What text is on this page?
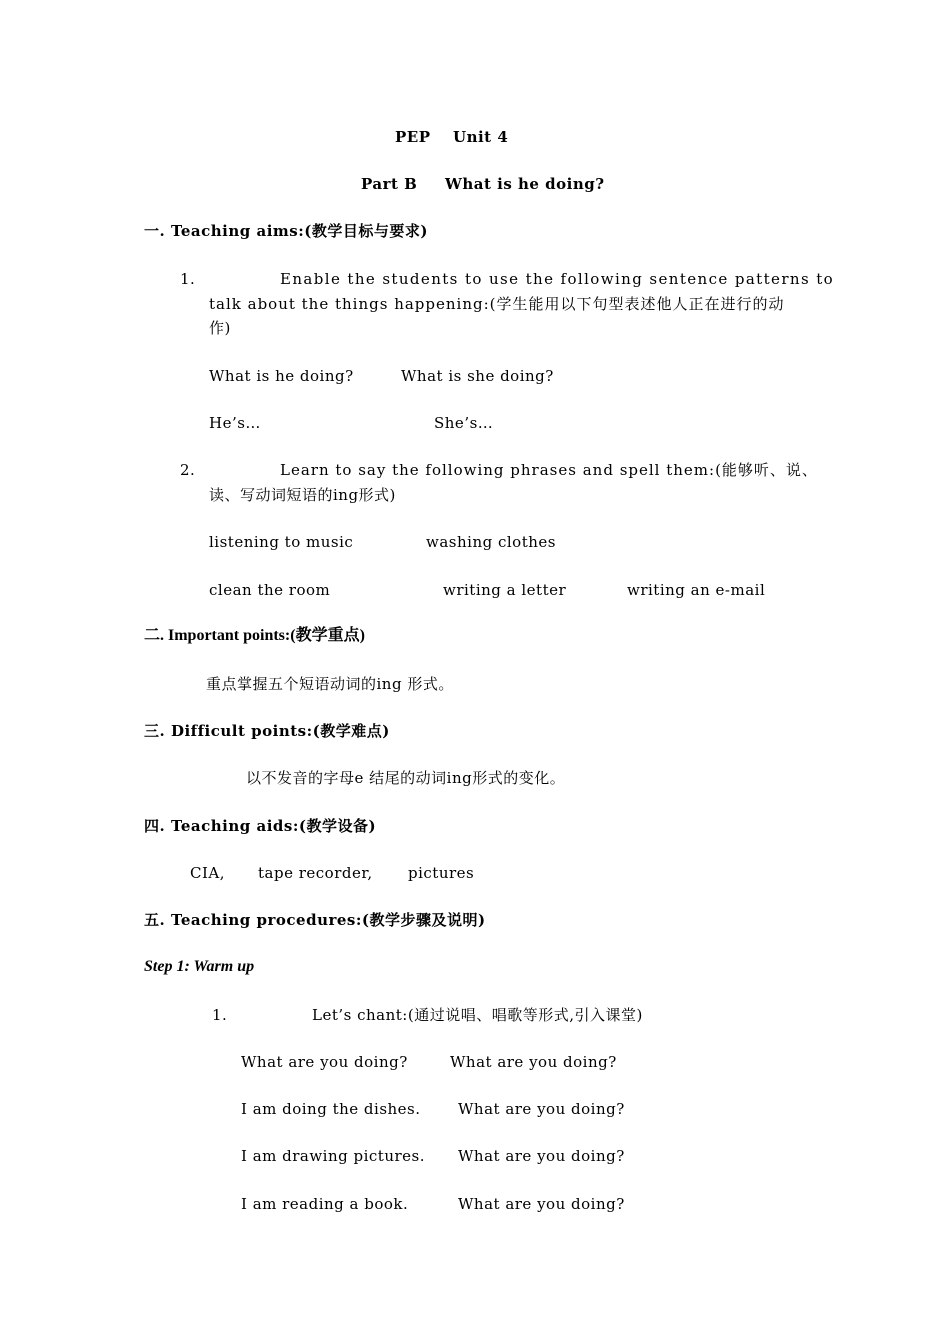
PEP Unit 4
Part B What is he doing?
一. Teaching aims:(教学目标与要求)
1.	Enable the students to use the following sentence patterns to
talk about the things happening:(学生能用以下句型表述他人正在进行的动
作)
What is he doing?	What is she doing?
He’s…	She’s…
2.	Learn to say the following phrases and spell them:(能够听、说、
读、写动词短语的ing形式)
listening to music	washing clothes
clean the room	writing a letter	writing an e-mail
二. Important points:(教学重点)
重点掌握五个短语动词的ing 形式。
三. Difficult points:(教学难点)
以不发音的字母e 结尾的动词ing形式的变化。
四. Teaching aids:(教学设备)
CIA, tape recorder, pictures
五. Teaching procedures:(教学步骤及说明)
Step 1: Warm up
1.	Let’s chant:(通过说唱、唱歌等形式,引入课堂)
What are you doing?	What are you doing?
I am doing the dishes. What are you doing?
I am drawing pictures. What are you doing?
I am reading a book.	What are you doing?
